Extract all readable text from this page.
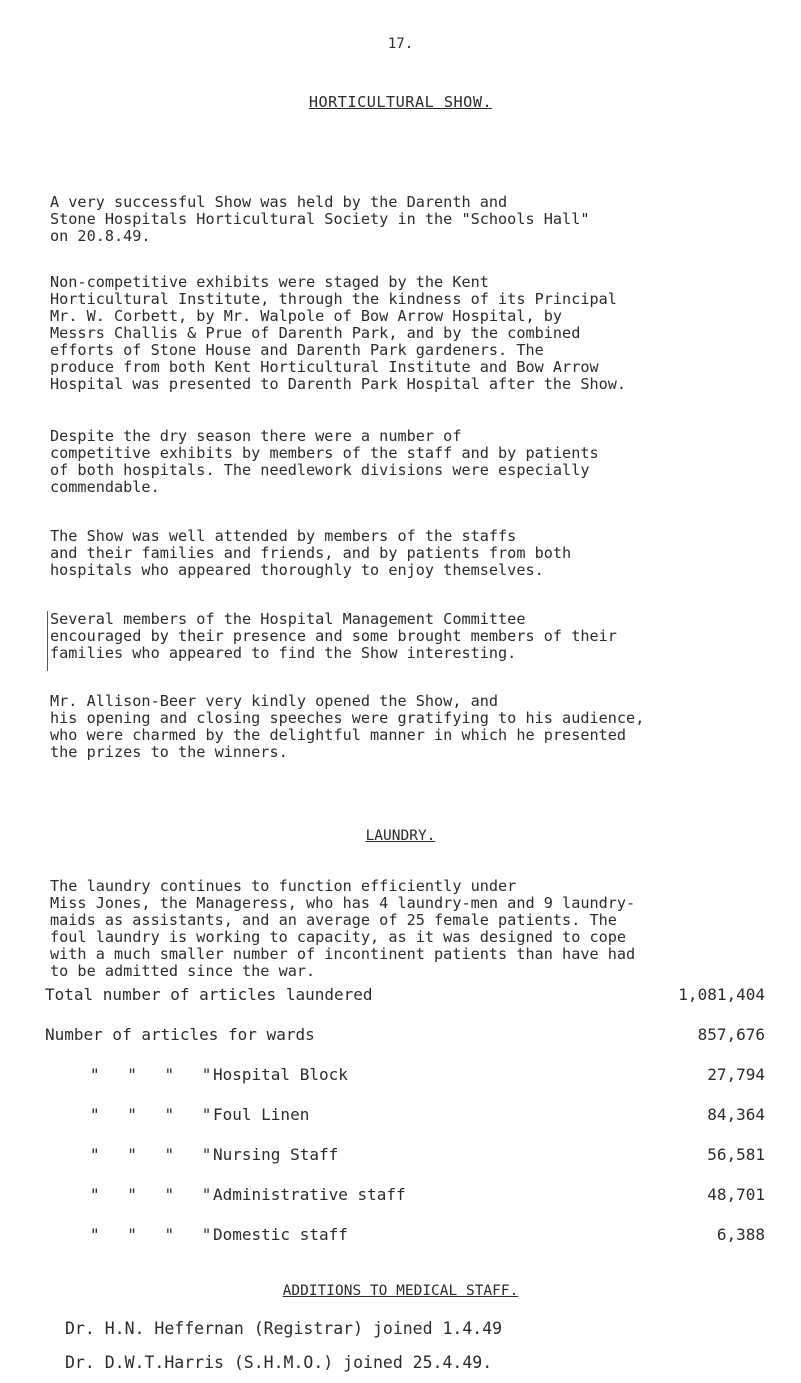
17.
HORTICULTURAL SHOW.

A very successful Show was held by the Darenth and
Stone Hospitals Horticultural Society in the "Schools Hall"
on 20.8.49.

Non-competitive exhibits were staged by the Kent
Horticultural Institute, through the kindness of its Principal
Mr. W. Corbett, by Mr. Walpole of Bow Arrow Hospital, by
Messrs Challis & Prue of Darenth Park, and by the combined
efforts of Stone House and Darenth Park gardeners. The
produce from both Kent Horticultural Institute and Bow Arrow
Hospital was presented to Darenth Park Hospital after the Show.

Despite the dry season there were a number of
competitive exhibits by members of the staff and by patients
of both hospitals. The needlework divisions were especially
commendable.

The Show was well attended by members of the staffs
and their families and friends, and by patients from both
hospitals who appeared thoroughly to enjoy themselves.

Several members of the Hospital Management Committee
encouraged by their presence and some brought members of their
families who appeared to find the Show interesting.

Mr. Allison-Beer very kindly opened the Show, and
his opening and closing speeches were gratifying to his audience,
who were charmed by the delightful manner in which he presented
the prizes to the winners.

LAUNDRY.

The laundry continues to function efficiently under
Miss Jones, the Manageress, who has 4 laundry-men and 9 laundry-
maids as assistants, and an average of 25 female patients. The
foul laundry is working to capacity, as it was designed to cope
with a much smaller number of incontinent patients than have had
to be admitted since the war.

Total number of articles laundered	1,081,404
Number of articles for wards	857,676
" " " " Hospital Block	27,794
" " " " Foul Linen	84,364
" " " " Nursing Staff	56,581
" " " " Administrative staff	48,701
" " " " Domestic staff	6,388
ADDITIONS TO MEDICAL STAFF.
Dr. H.N. Heffernan (Registrar) joined 1.4.49
Dr. D.W.T.Harris (S.H.M.O.) joined 25.4.49.
